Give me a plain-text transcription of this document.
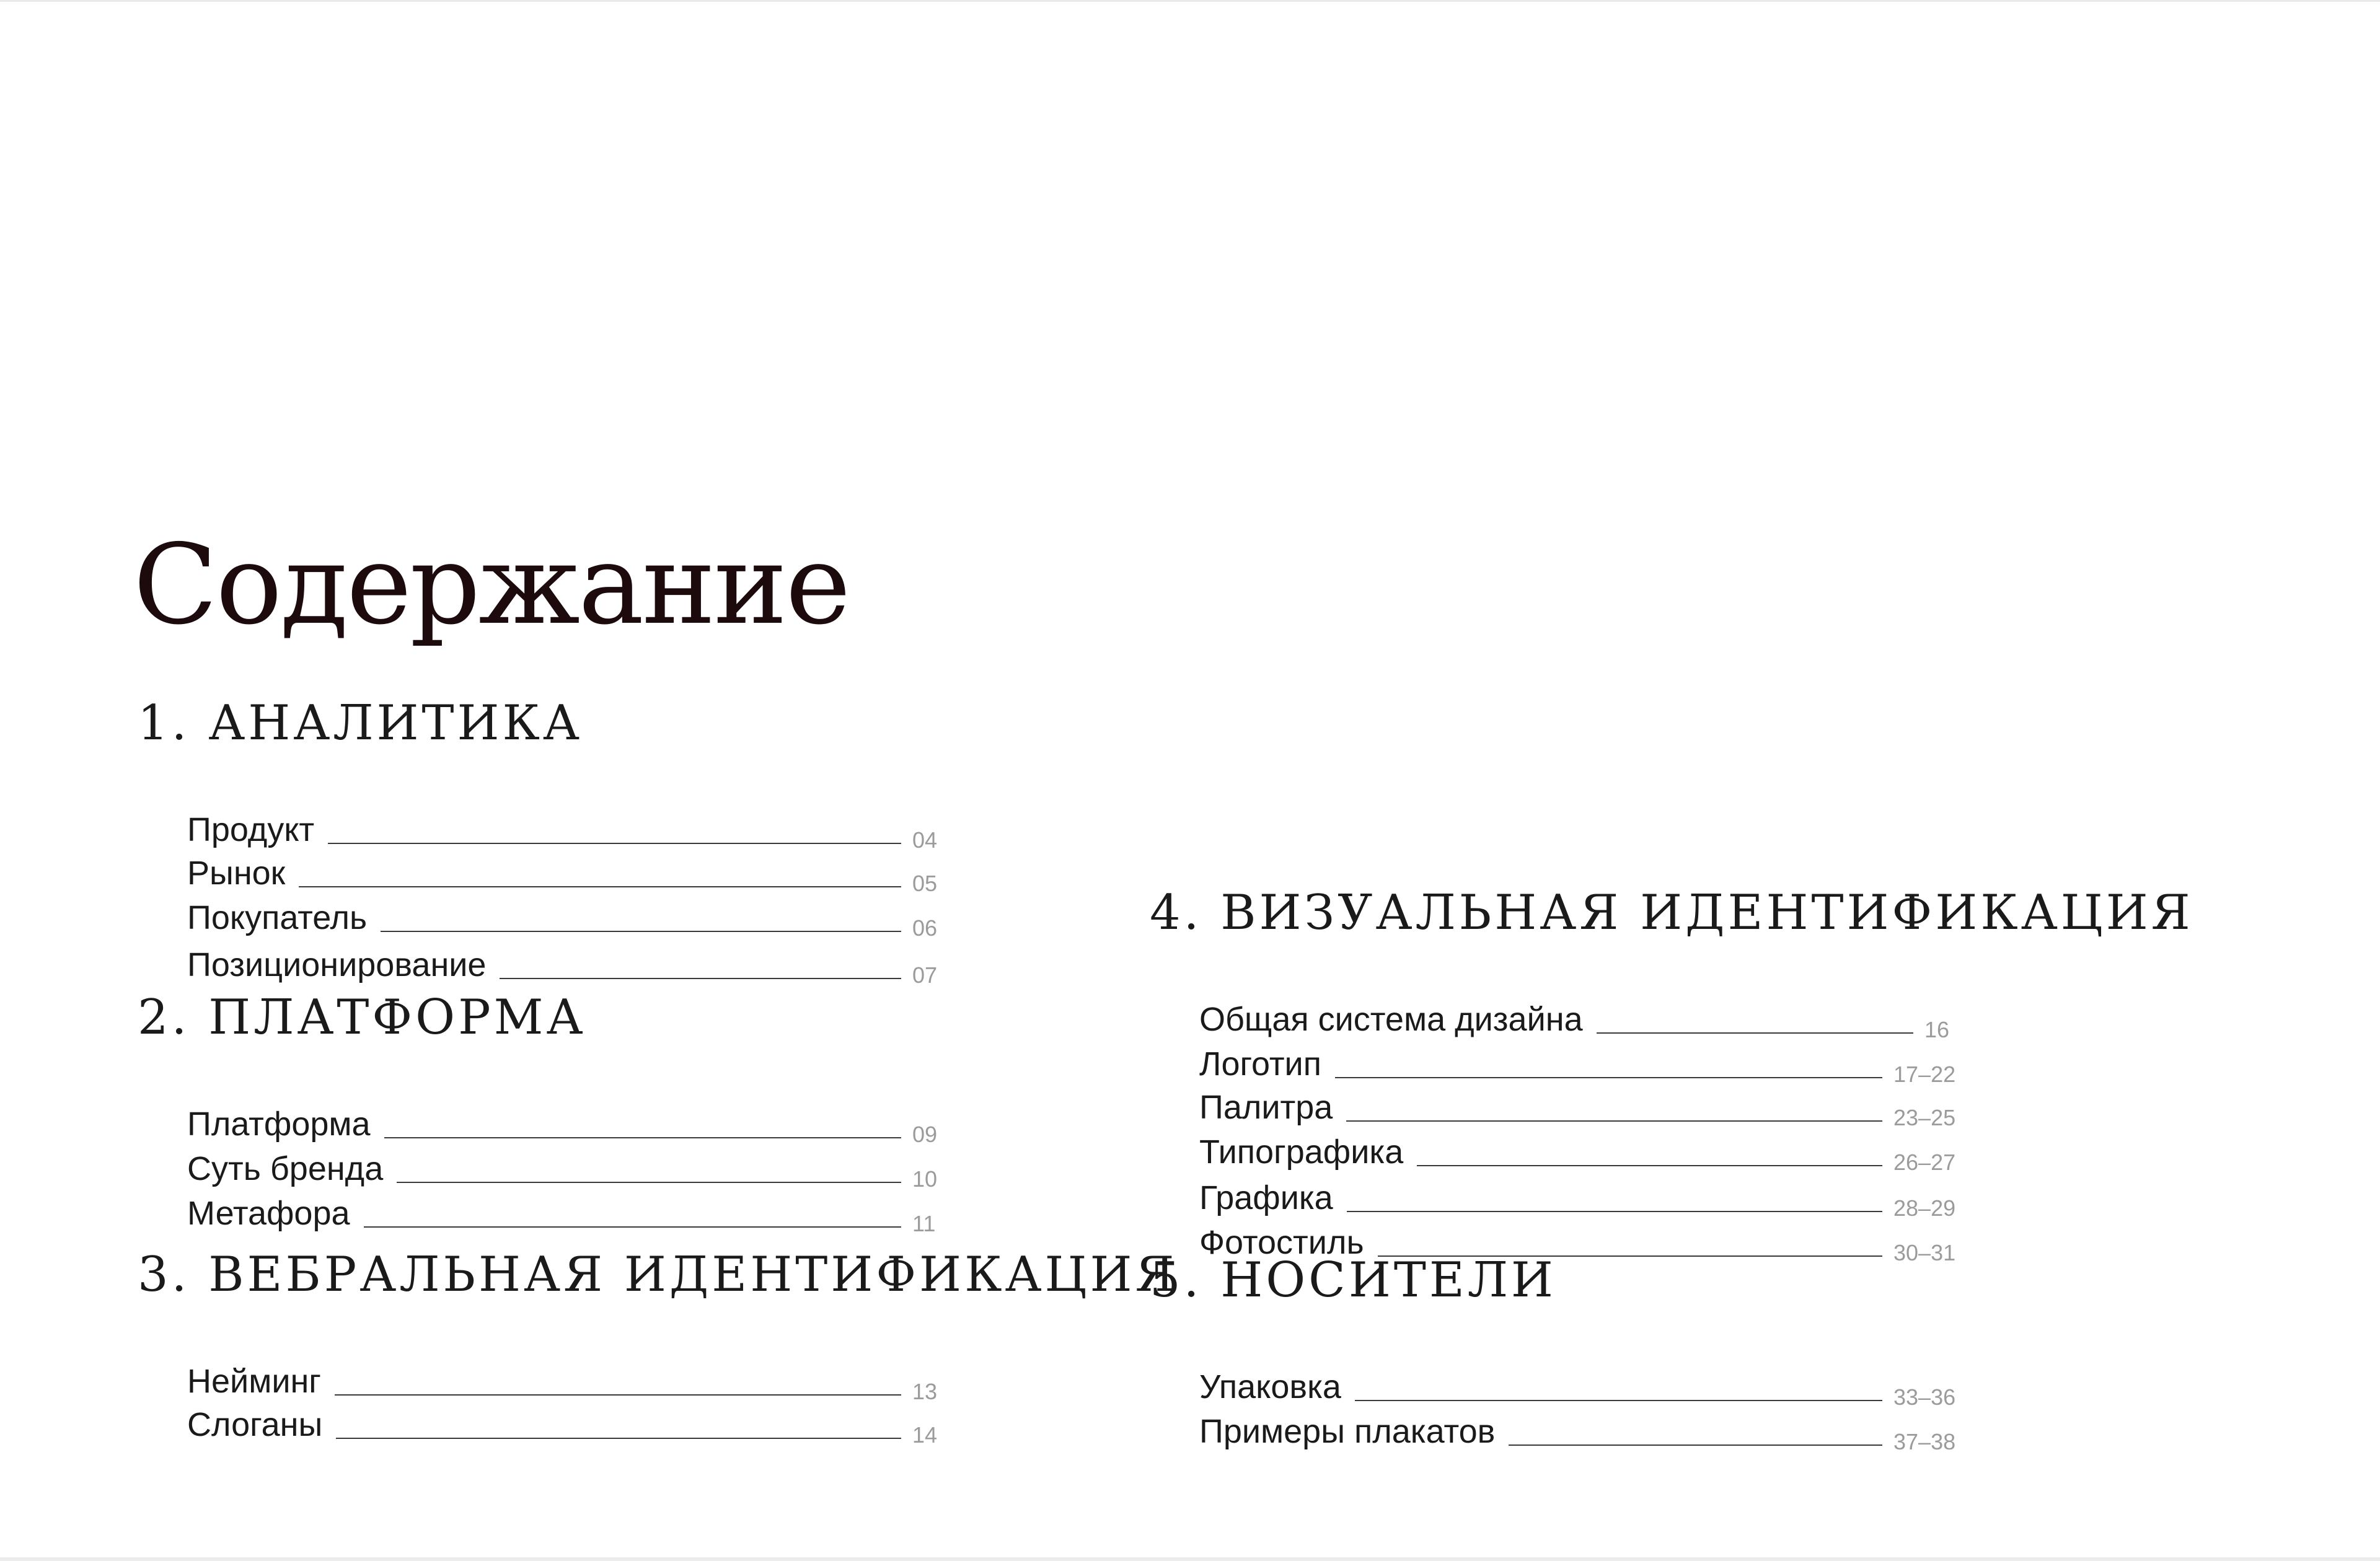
Содержание
1. АНАЛИТИКА
Продукт	04
Рынок	05
Покупатель	06
Позиционирование	07
2. ПЛАТФОРМА
Платформа	09
Суть бренда	10
Метафора	11
3. ВЕБРАЛЬНАЯ ИДЕНТИФИКАЦИЯ
Нейминг	13
Слоганы	14
4. ВИЗУАЛЬНАЯ ИДЕНТИФИКАЦИЯ
Общая система дизайна	16
Логотип	17–22
Палитра	23–25
Типографика	26–27
Графика	28–29
Фотостиль	30–31
5. НОСИТЕЛИ
Упаковка	33–36
Примеры плакатов	37–38
